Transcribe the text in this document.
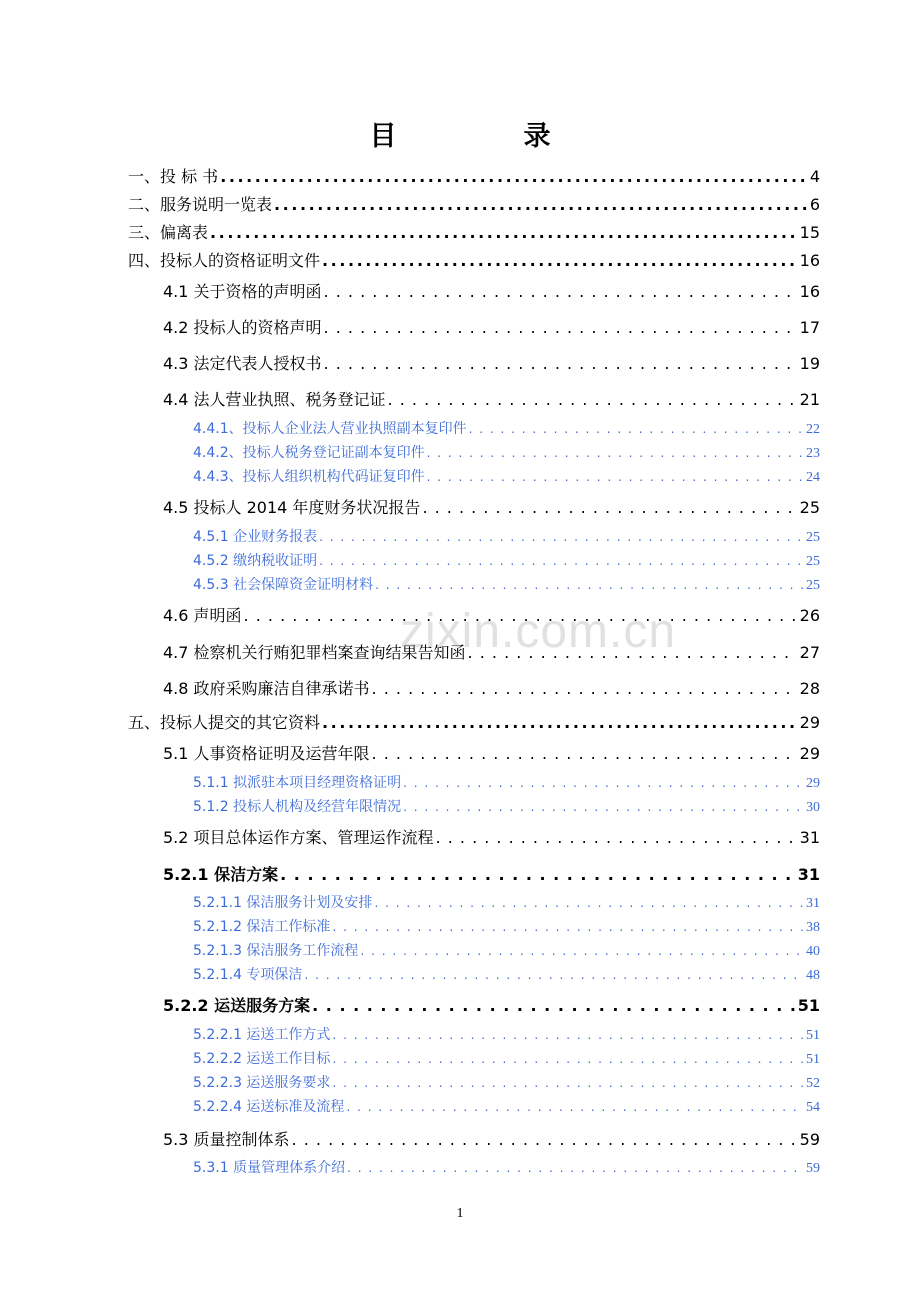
目　录
一、投 标 书 . . .	4
二、服务说明一览表 . . .	6
三、偏离表 . . .	15
四、投标人的资格证明文件 . . .	16
4.1 关于资格的声明函 . . .	16
4.2 投标人的资格声明 . . .	17
4.3 法定代表人授权书 . . .	19
4.4 法人营业执照、税务登记证 . . .	21
4.4.1、投标人企业法人营业执照副本复印件 . . .	22
4.4.2、投标人税务登记证副本复印件 . . .	23
4.4.3、投标人组织机构代码证复印件 . . .	24
4.5 投标人 2014 年度财务状况报告 . . .	25
4.5.1 企业财务报表 . . .	25
4.5.2 缴纳税收证明 . . .	25
4.5.3 社会保障资金证明材料 . . .	25
4.6 声明函 . . .	26
4.7 检察机关行贿犯罪档案查询结果告知函 . . .	27
4.8 政府采购廉洁自律承诺书 . . .	28
五、投标人提交的其它资料 . . .	29
5.1 人事资格证明及运营年限 . . .	29
5.1.1 拟派驻本项目经理资格证明 . . .	29
5.1.2 投标人机构及经营年限情况 . . .	30
5.2 项目总体运作方案、管理运作流程 . . .	31
5.2.1 保洁方案 . . .	31
5.2.1.1 保洁服务计划及安排 . . .	31
5.2.1.2 保洁工作标准 . . .	38
5.2.1.3 保洁服务工作流程 . . .	40
5.2.1.4 专项保洁 . . .	48
5.2.2 运送服务方案 . . .	51
5.2.2.1 运送工作方式 . . .	51
5.2.2.2 运送工作目标 . . .	51
5.2.2.3 运送服务要求 . . .	52
5.2.2.4 运送标准及流程 . . .	54
5.3 质量控制体系 . . .	59
5.3.1 质量管理体系介绍 . . .	59
zixin.com.cn
1
